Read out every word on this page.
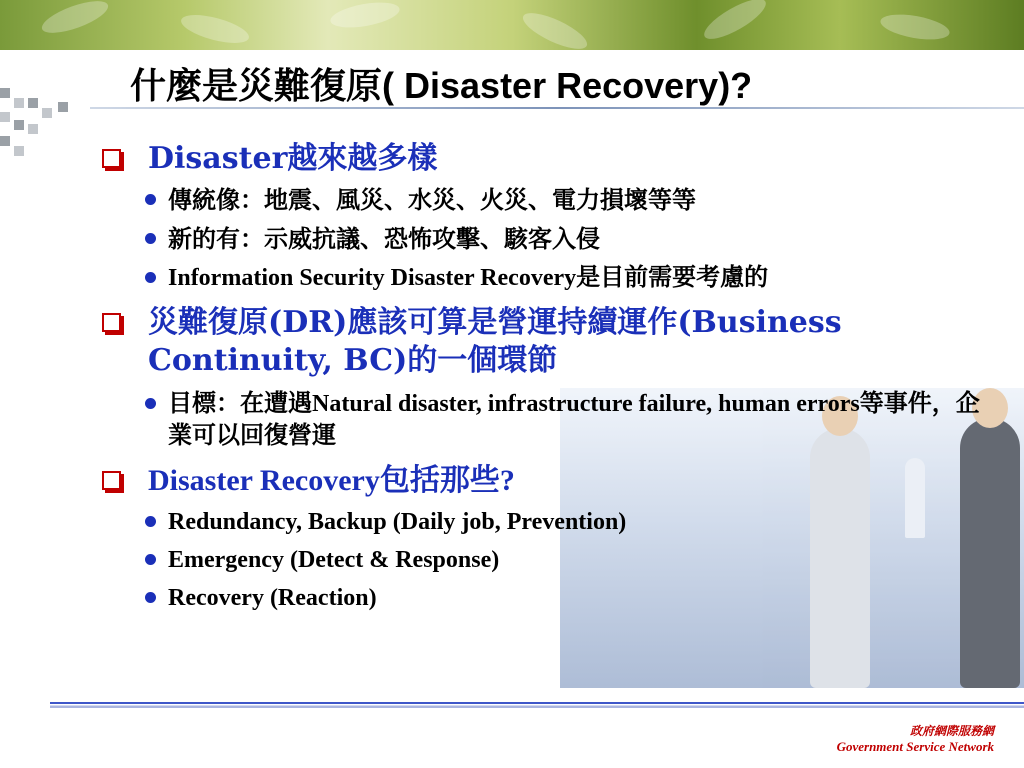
什麼是災難復原( Disaster Recovery)?

Disaster越來越多樣

傳統像：地震、風災、水災、火災、電力損壞等等

新的有：示威抗議、恐怖攻擊、駭客入侵

Information Security Disaster Recovery是目前需要考慮的

災難復原(DR)應該可算是營運持續運作(Business Continuity, BC)的一個環節

目標：在遭遇Natural disaster, infrastructure failure, human errors等事件，企業可以回復營運

Disaster Recovery包括那些?

Redundancy, Backup (Daily job, Prevention)

Emergency (Detect & Response)

Recovery (Reaction)

政府網際服務網
Government Service Network
